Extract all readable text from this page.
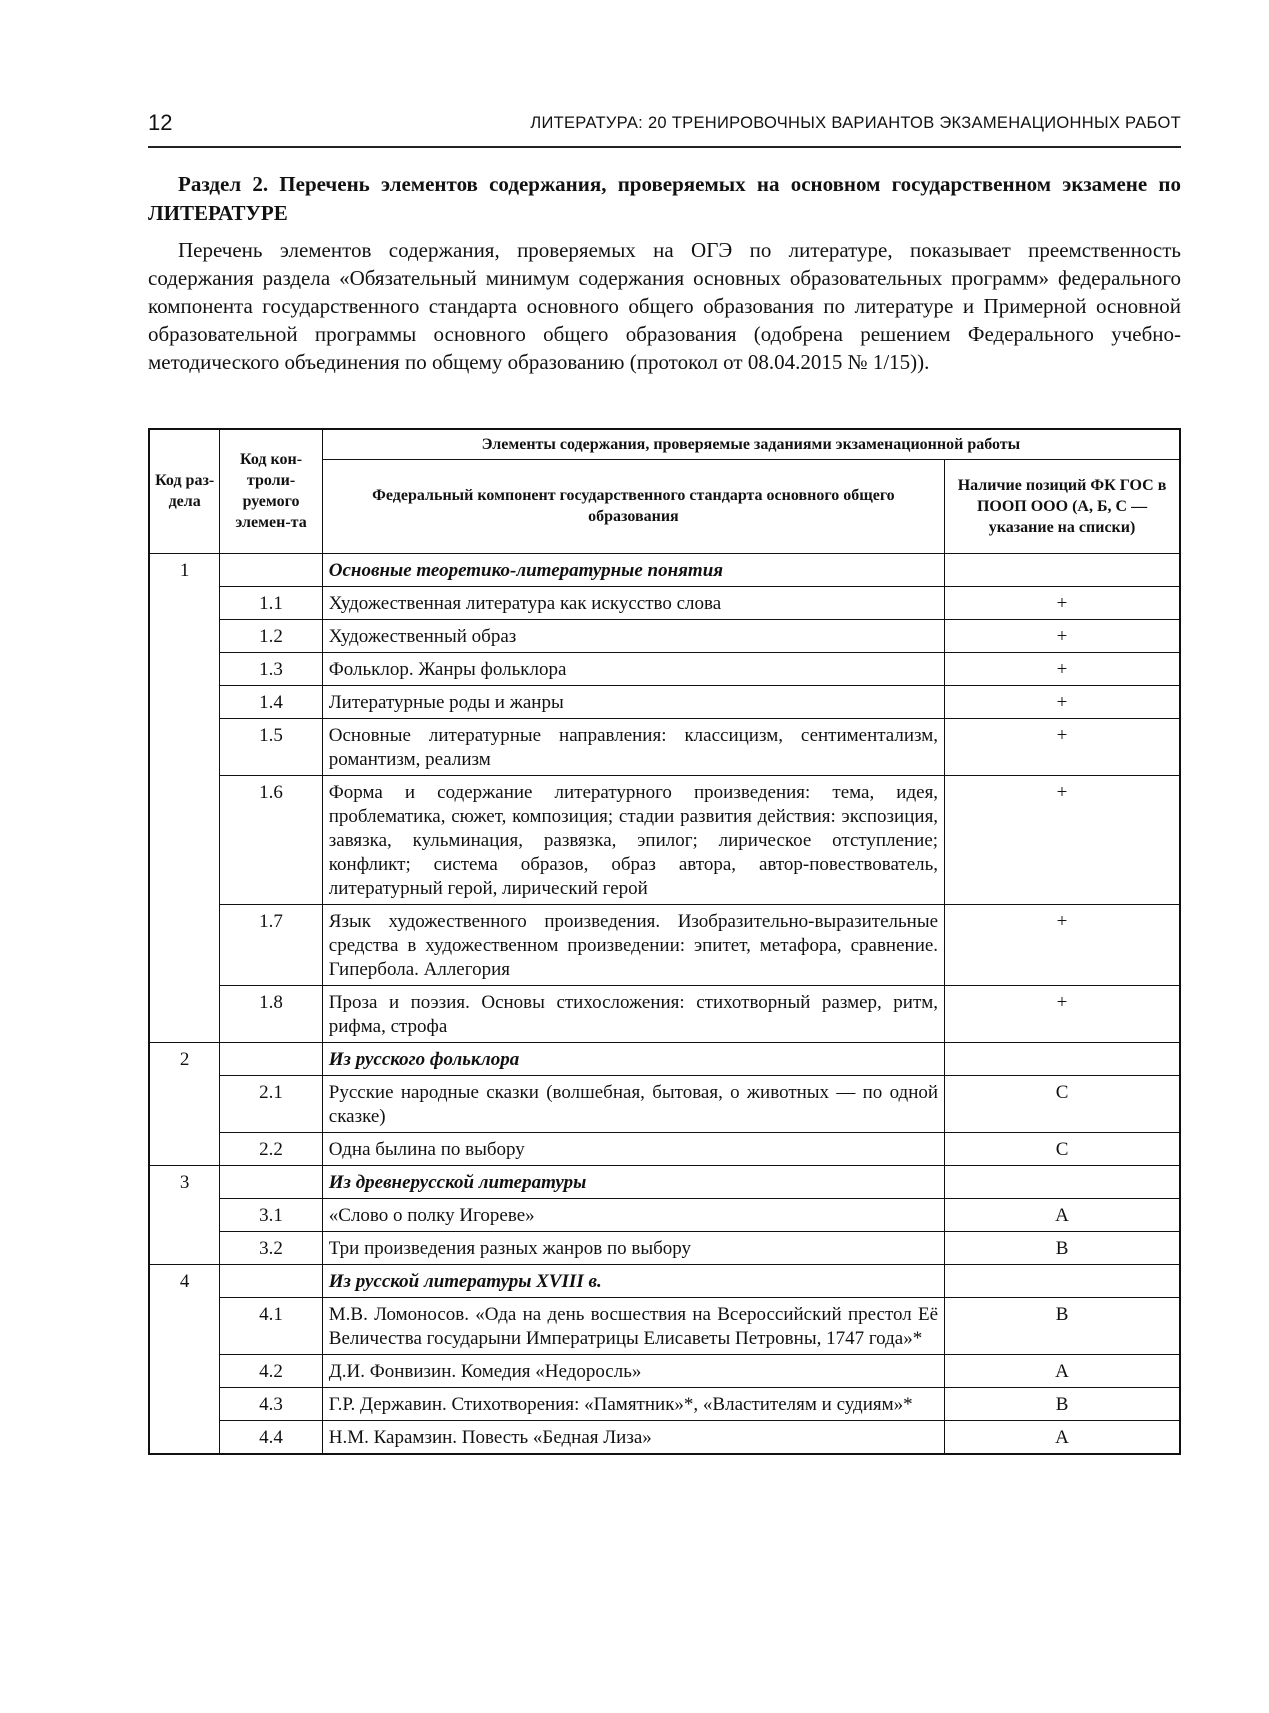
12	ЛИТЕРАТУРА: 20 ТРЕНИРОВОЧНЫХ ВАРИАНТОВ ЭКЗАМЕНАЦИОННЫХ РАБОТ
Раздел 2. Перечень элементов содержания, проверяемых на основном государственном экзамене по ЛИТЕРАТУРЕ
Перечень элементов содержания, проверяемых на ОГЭ по литературе, показывает преемственность содержания раздела «Обязательный минимум содержания основных образовательных программ» федерального компонента государственного стандарта основного общего образования по литературе и Примерной основной образовательной программы основного общего образования (одобрена решением Федерального учебно-методического объединения по общему образованию (протокол от 08.04.2015 № 1/15)).
Код раз-дела	Код кон-троли-руемого элемен-та	Элементы содержания, проверяемые заданиями экзаменационной работы	
		Федеральный компонент государственного стандарта основного общего образования	Наличие позиций ФК ГОС в ПООП ООО (А, Б, С — указание на списки)
1		Основные теоретико-литературные понятия	
	1.1	Художественная литература как искусство слова	+
	1.2	Художественный образ	+
	1.3	Фольклор. Жанры фольклора	+
	1.4	Литературные роды и жанры	+
	1.5	Основные литературные направления: классицизм, сентиментализм, романтизм, реализм	+
	1.6	Форма и содержание литературного произведения: тема, идея, проблематика, сюжет, композиция; стадии развития действия: экспозиция, завязка, кульминация, развязка, эпилог; лирическое отступление; конфликт; система образов, образ автора, автор-повествователь, литературный герой, лирический герой	+
	1.7	Язык художественного произведения. Изобразительно-выразительные средства в художественном произведении: эпитет, метафора, сравнение. Гипербола. Аллегория	+
	1.8	Проза и поэзия. Основы стихосложения: стихотворный размер, ритм, рифма, строфа	+
2		Из русского фольклора	
	2.1	Русские народные сказки (волшебная, бытовая, о животных — по одной сказке)	С
	2.2	Одна былина по выбору	С
3		Из древнерусской литературы	
	3.1	«Слово о полку Игореве»	А
	3.2	Три произведения разных жанров по выбору	В
4		Из русской литературы XVIII в.	
	4.1	М.В. Ломоносов. «Ода на день восшествия на Всероссийский престол Её Величества государыни Императрицы Елисаветы Петровны, 1747 года»*	В
	4.2	Д.И. Фонвизин. Комедия «Недоросль»	А
	4.3	Г.Р. Державин. Стихотворения: «Памятник»*, «Властителям и судиям»*	В
	4.4	Н.М. Карамзин. Повесть «Бедная Лиза»	А
